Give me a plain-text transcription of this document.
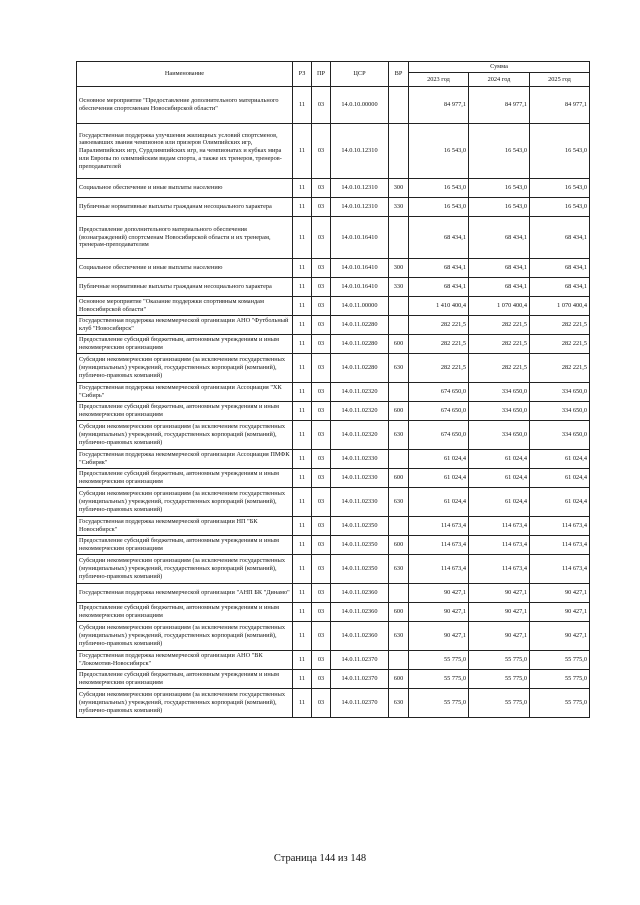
Наименование	РЗ	ПР	ЦСР	ВР	Сумма		
					2023 год	2024 год	2025 год
Основное мероприятие "Предоставление дополнительного материального обеспечения спортсменам Новосибирской области"	11	03	14.0.10.00000		84 977,1	84 977,1	84 977,1
Государственная поддержка улучшения жилищных условий спортсменов, завоевавших звания чемпионов или призеров Олимпийских игр, Паралимпийских игр, Сурдлимпийских игр, на чемпионатах и кубках мира или Европы по олимпийским видам спорта, а также их тренеров, тренеров-преподавателей	11	03	14.0.10.12310		16 543,0	16 543,0	16 543,0
Социальное обеспечение и иные выплаты населению	11	03	14.0.10.12310	300	16 543,0	16 543,0	16 543,0
Публичные нормативные выплаты гражданам несоциального характера	11	03	14.0.10.12310	330	16 543,0	16 543,0	16 543,0
Предоставление дополнительного материального обеспечения (вознаграждений) спортсменам Новосибирской области и их тренерам, тренерам-преподавателям	11	03	14.0.10.16410		68 434,1	68 434,1	68 434,1
Социальное обеспечение и иные выплаты населению	11	03	14.0.10.16410	300	68 434,1	68 434,1	68 434,1
Публичные нормативные выплаты гражданам несоциального характера	11	03	14.0.10.16410	330	68 434,1	68 434,1	68 434,1
Основное мероприятие "Оказание поддержки спортивным командам Новосибирской области"	11	03	14.0.11.00000		1 410 400,4	1 070 400,4	1 070 400,4
Государственная поддержка некоммерческой организации АНО "Футбольный клуб "Новосибирск"	11	03	14.0.11.02280		282 221,5	282 221,5	282 221,5
Предоставление субсидий бюджетным, автономным учреждениям и иным некоммерческим организациям	11	03	14.0.11.02280	600	282 221,5	282 221,5	282 221,5
Субсидии некоммерческим организациям (за исключением государственных (муниципальных) учреждений, государственных корпораций (компаний), публично-правовых компаний)	11	03	14.0.11.02280	630	282 221,5	282 221,5	282 221,5
Государственная поддержка некоммерческой организации Ассоциация "ХК "Сибирь"	11	03	14.0.11.02320		674 650,0	334 650,0	334 650,0
Предоставление субсидий бюджетным, автономным учреждениям и иным некоммерческим организациям	11	03	14.0.11.02320	600	674 650,0	334 650,0	334 650,0
Субсидии некоммерческим организациям (за исключением государственных (муниципальных) учреждений, государственных корпораций (компаний), публично-правовых компаний)	11	03	14.0.11.02320	630	674 650,0	334 650,0	334 650,0
Государственная поддержка некоммерческой организации Ассоциация ПМФК "Сибиряк"	11	03	14.0.11.02330		61 024,4	61 024,4	61 024,4
Предоставление субсидий бюджетным, автономным учреждениям и иным некоммерческим организациям	11	03	14.0.11.02330	600	61 024,4	61 024,4	61 024,4
Субсидии некоммерческим организациям (за исключением государственных (муниципальных) учреждений, государственных корпораций (компаний), публично-правовых компаний)	11	03	14.0.11.02330	630	61 024,4	61 024,4	61 024,4
Государственная поддержка некоммерческой организации НП "БК Новосибирск"	11	03	14.0.11.02350		114 673,4	114 673,4	114 673,4
Предоставление субсидий бюджетным, автономным учреждениям и иным некоммерческим организациям	11	03	14.0.11.02350	600	114 673,4	114 673,4	114 673,4
Субсидии некоммерческим организациям (за исключением государственных (муниципальных) учреждений, государственных корпораций (компаний), публично-правовых компаний)	11	03	14.0.11.02350	630	114 673,4	114 673,4	114 673,4
Государственная поддержка некоммерческой организации "АНП БК "Динамо"	11	03	14.0.11.02360		90 427,1	90 427,1	90 427,1
Предоставление субсидий бюджетным, автономным учреждениям и иным некоммерческим организациям	11	03	14.0.11.02360	600	90 427,1	90 427,1	90 427,1
Субсидии некоммерческим организациям (за исключением государственных (муниципальных) учреждений, государственных корпораций (компаний), публично-правовых компаний)	11	03	14.0.11.02360	630	90 427,1	90 427,1	90 427,1
Государственная поддержка некоммерческой организации АНО "ВК "Локомотив-Новосибирск"	11	03	14.0.11.02370		55 775,0	55 775,0	55 775,0
Предоставление субсидий бюджетным, автономным учреждениям и иным некоммерческим организациям	11	03	14.0.11.02370	600	55 775,0	55 775,0	55 775,0
Субсидии некоммерческим организациям (за исключением государственных (муниципальных) учреждений, государственных корпораций (компаний), публично-правовых компаний)	11	03	14.0.11.02370	630	55 775,0	55 775,0	55 775,0
Страница 144 из 148
